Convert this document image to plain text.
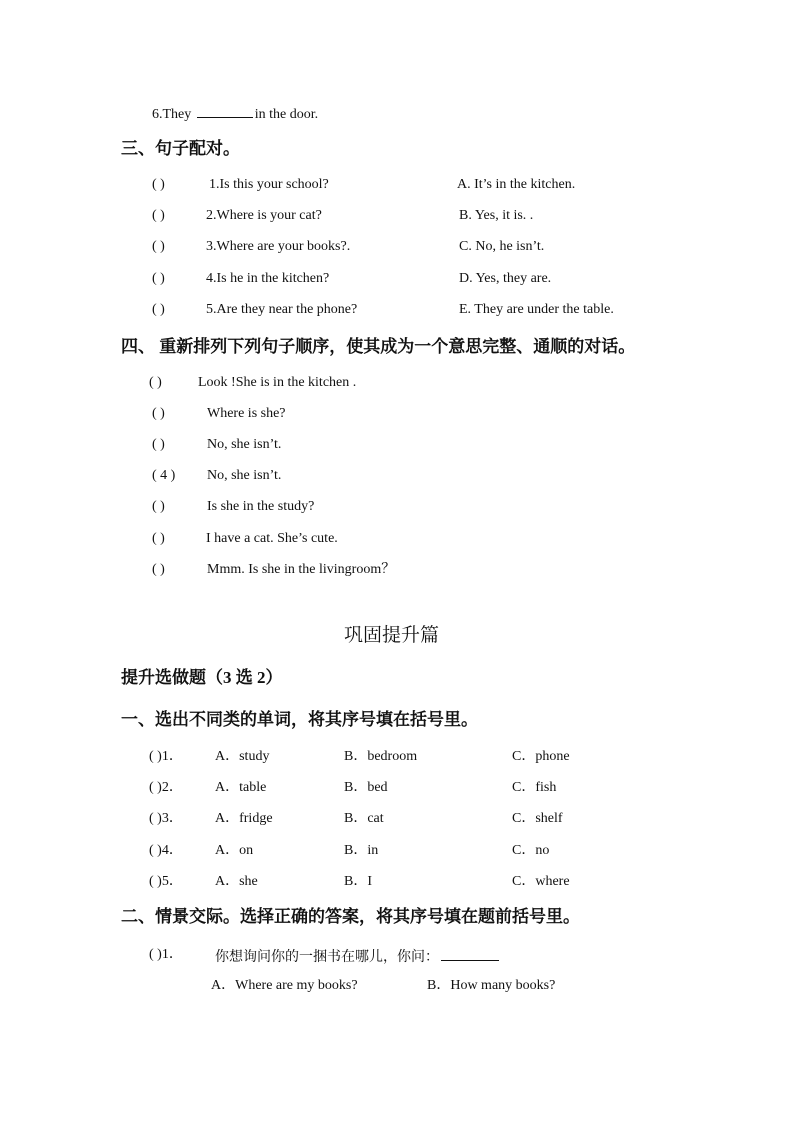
6.They	in the door.
三、句子配对。
( )	1.Is this your school?	A. It’s in the kitchen.
( )	2.Where is your cat?	B. Yes, it is. .
( )	3.Where are your books?.	C. No, he isn’t.
( )	4.Is he in the kitchen?	D. Yes, they are.
( )	5.Are they near the phone?	E. They are under the table.
四、 重新排列下列句子顺序，使其成为一个意思完整、通顺的对话。
( )	Look !She is in the kitchen .
( )	Where is she?
( )	No, she isn’t.
( 4 ) No, she isn’t.
( )	Is she in the study?
( )	I have a cat. She’s cute.
( )	Mmm. Is she in the livingroom？
巩固提升篇
提升选做题（3 选 2）
一、选出不同类的单词，将其序号填在括号里。
( )1． A．study	B．bedroom	C．phone
( )2． A．table	B．bed	C．fish
( )3． A．fridge	B．cat	C．shelf
( )4． A．on	B．in	C．no
( )5． A．she	B．I	C．where
二、情景交际。选择正确的答案，将其序号填在题前括号里。
( )1． 你想询问你的一捆书在哪儿，你问：
A．Where are my books?	B．How many books?
